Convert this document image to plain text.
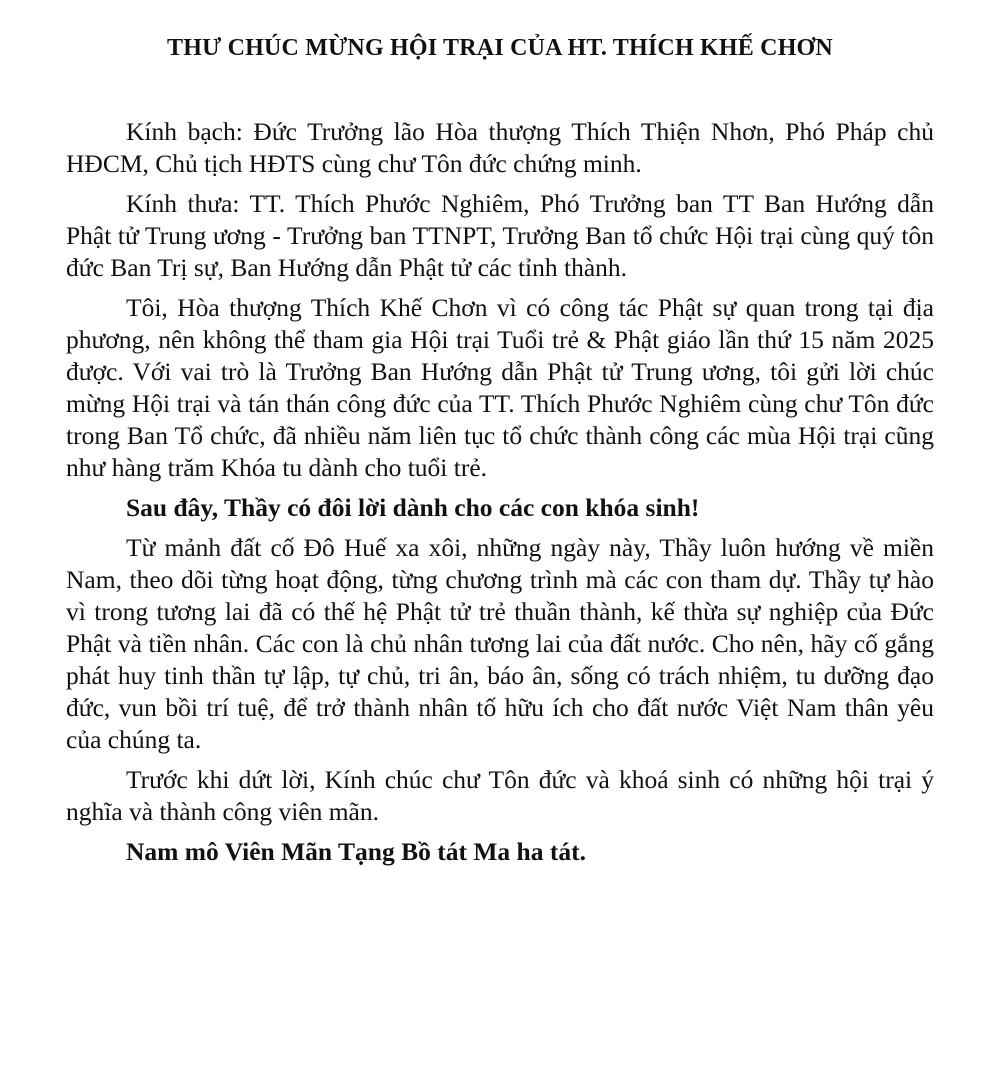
THƯ CHÚC MỪNG HỘI TRẠI CỦA HT. THÍCH KHẾ CHƠN

Kính bạch: Đức Trưởng lão Hòa thượng Thích Thiện Nhơn, Phó Pháp chủ HĐCM, Chủ tịch HĐTS cùng chư Tôn đức chứng minh.

Kính thưa: TT. Thích Phước Nghiêm, Phó Trưởng ban TT Ban Hướng dẫn Phật tử Trung ương - Trưởng ban TTNPT, Trưởng Ban tổ chức Hội trại cùng quý tôn đức Ban Trị sự, Ban Hướng dẫn Phật tử các tỉnh thành.

Tôi, Hòa thượng Thích Khế Chơn vì có công tác Phật sự quan trong tại địa phương, nên không thể tham gia Hội trại Tuổi trẻ & Phật giáo lần thứ 15 năm 2025 được. Với vai trò là Trưởng Ban Hướng dẫn Phật tử Trung ương, tôi gửi lời chúc mừng Hội trại và tán thán công đức của TT. Thích Phước Nghiêm cùng chư Tôn đức trong Ban Tổ chức, đã nhiều năm liên tục tổ chức thành công các mùa Hội trại cũng như hàng trăm Khóa tu dành cho tuổi trẻ.

Sau đây, Thầy có đôi lời dành cho các con khóa sinh!

Từ mảnh đất cố Đô Huế xa xôi, những ngày này, Thầy luôn hướng về miền Nam, theo dõi từng hoạt động, từng chương trình mà các con tham dự. Thầy tự hào vì trong tương lai đã có thế hệ Phật tử trẻ thuần thành, kế thừa sự nghiệp của Đức Phật và tiền nhân. Các con là chủ nhân tương lai của đất nước. Cho nên, hãy cố gắng phát huy tinh thần tự lập, tự chủ, tri ân, báo ân, sống có trách nhiệm, tu dưỡng đạo đức, vun bồi trí tuệ, để trở thành nhân tố hữu ích cho đất nước Việt Nam thân yêu của chúng ta.

Trước khi dứt lời, Kính chúc chư Tôn đức và khoá sinh có những hội trại ý nghĩa và thành công viên mãn.

Nam mô Viên Mãn Tạng Bồ tát Ma ha tát.
